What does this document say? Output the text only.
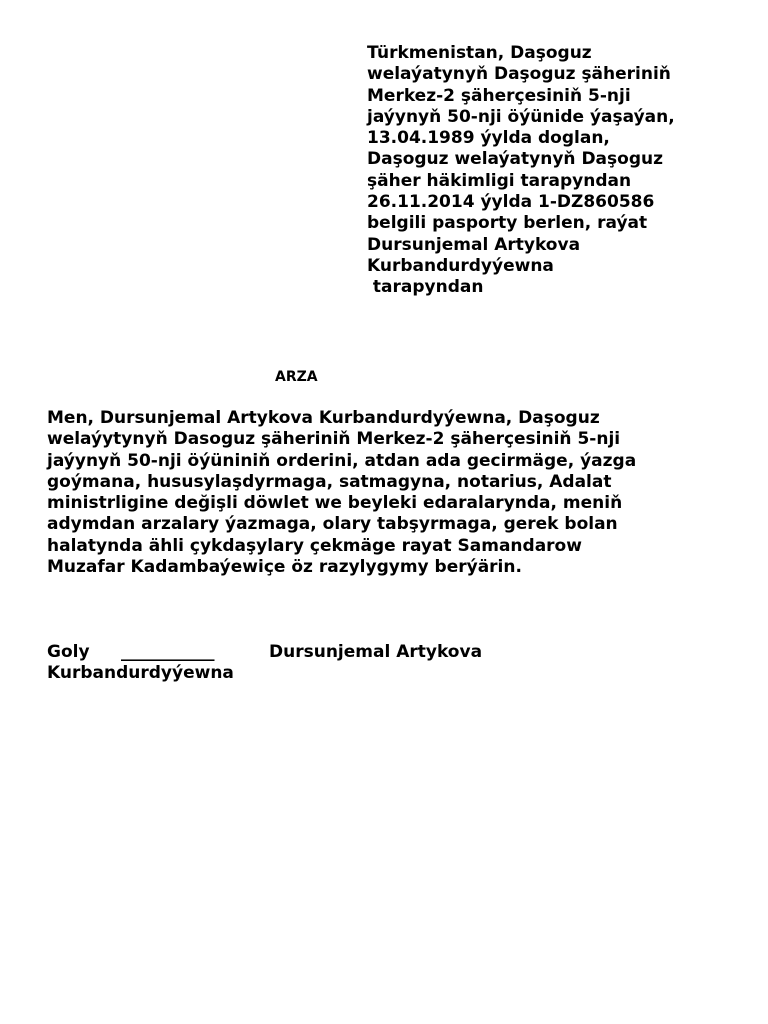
Türkmenistan, Daşoguz
welaýatynyň Daşoguz şäheriniň
Merkez-2 şäherçesiniň 5-nji
jaýynyň 50-nji öýünide ýaşaýan,
13.04.1989 ýylda doglan,
Daşoguz welaýatynyň Daşoguz
şäher häkimligi tarapyndan
26.11.2014 ýylda 1-DZ860586
belgili pasporty berlen, raýat
Dursunjemal Artykova
Kurbandurdyýewna
tarapyndan
ARZA
Men, Dursunjemal Artykova Kurbandurdyýewna, Daşoguz
welaýytynyň Dasoguz şäheriniň Merkez-2 şäherçesiniň 5-nji
jaýynyň 50-nji öýüniniň orderini, atdan ada gecirmäge, ýazga
goýmana, hususylaşdyrmaga, satmagyna, notarius, Adalat
ministrligine değişli döwlet we beyleki edaralarynda, meniň
adymdan arzalary ýazmaga, olary tabşyrmaga, gerek bolan
halatynda ähli çykdaşylary çekmäge rayat Samandarow
Muzafar Kadambaýewiçe öz razylygymy berýärin.
Goly ___________	Dursunjemal Artykova
Kurbandurdyýewna
